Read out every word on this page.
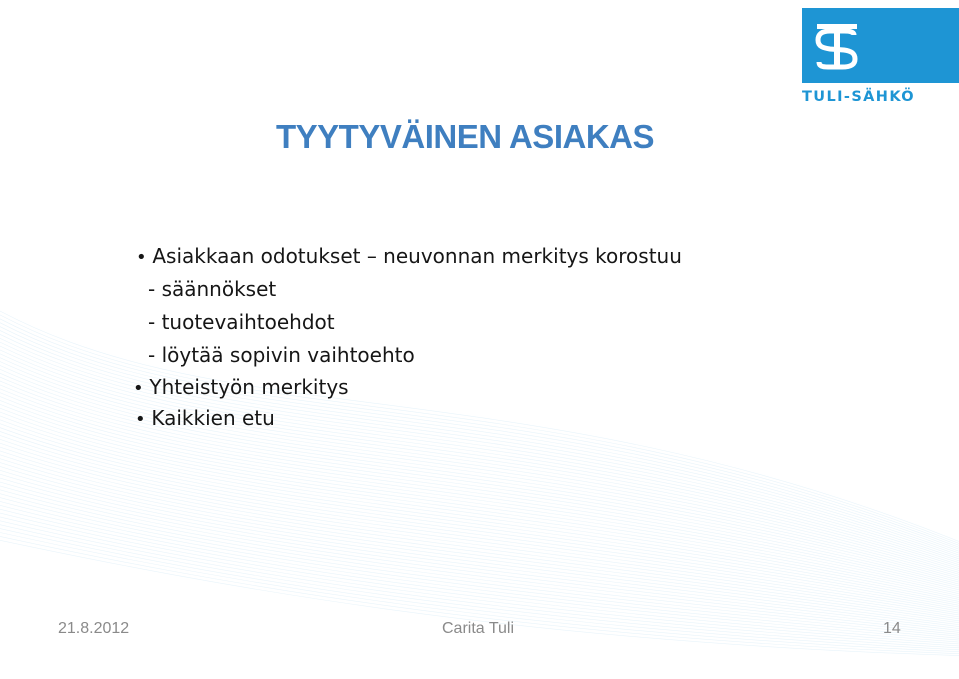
TULI-SÄHKÖ
TYYTYVÄINEN ASIAKAS
• Asiakkaan odotukset – neuvonnan merkitys korostuu
- säännökset
- tuotevaihtoehdot
- löytää sopivin vaihtoehto
• Yhteistyön merkitys
• Kaikkien etu
21.8.2012	Carita Tuli	14
